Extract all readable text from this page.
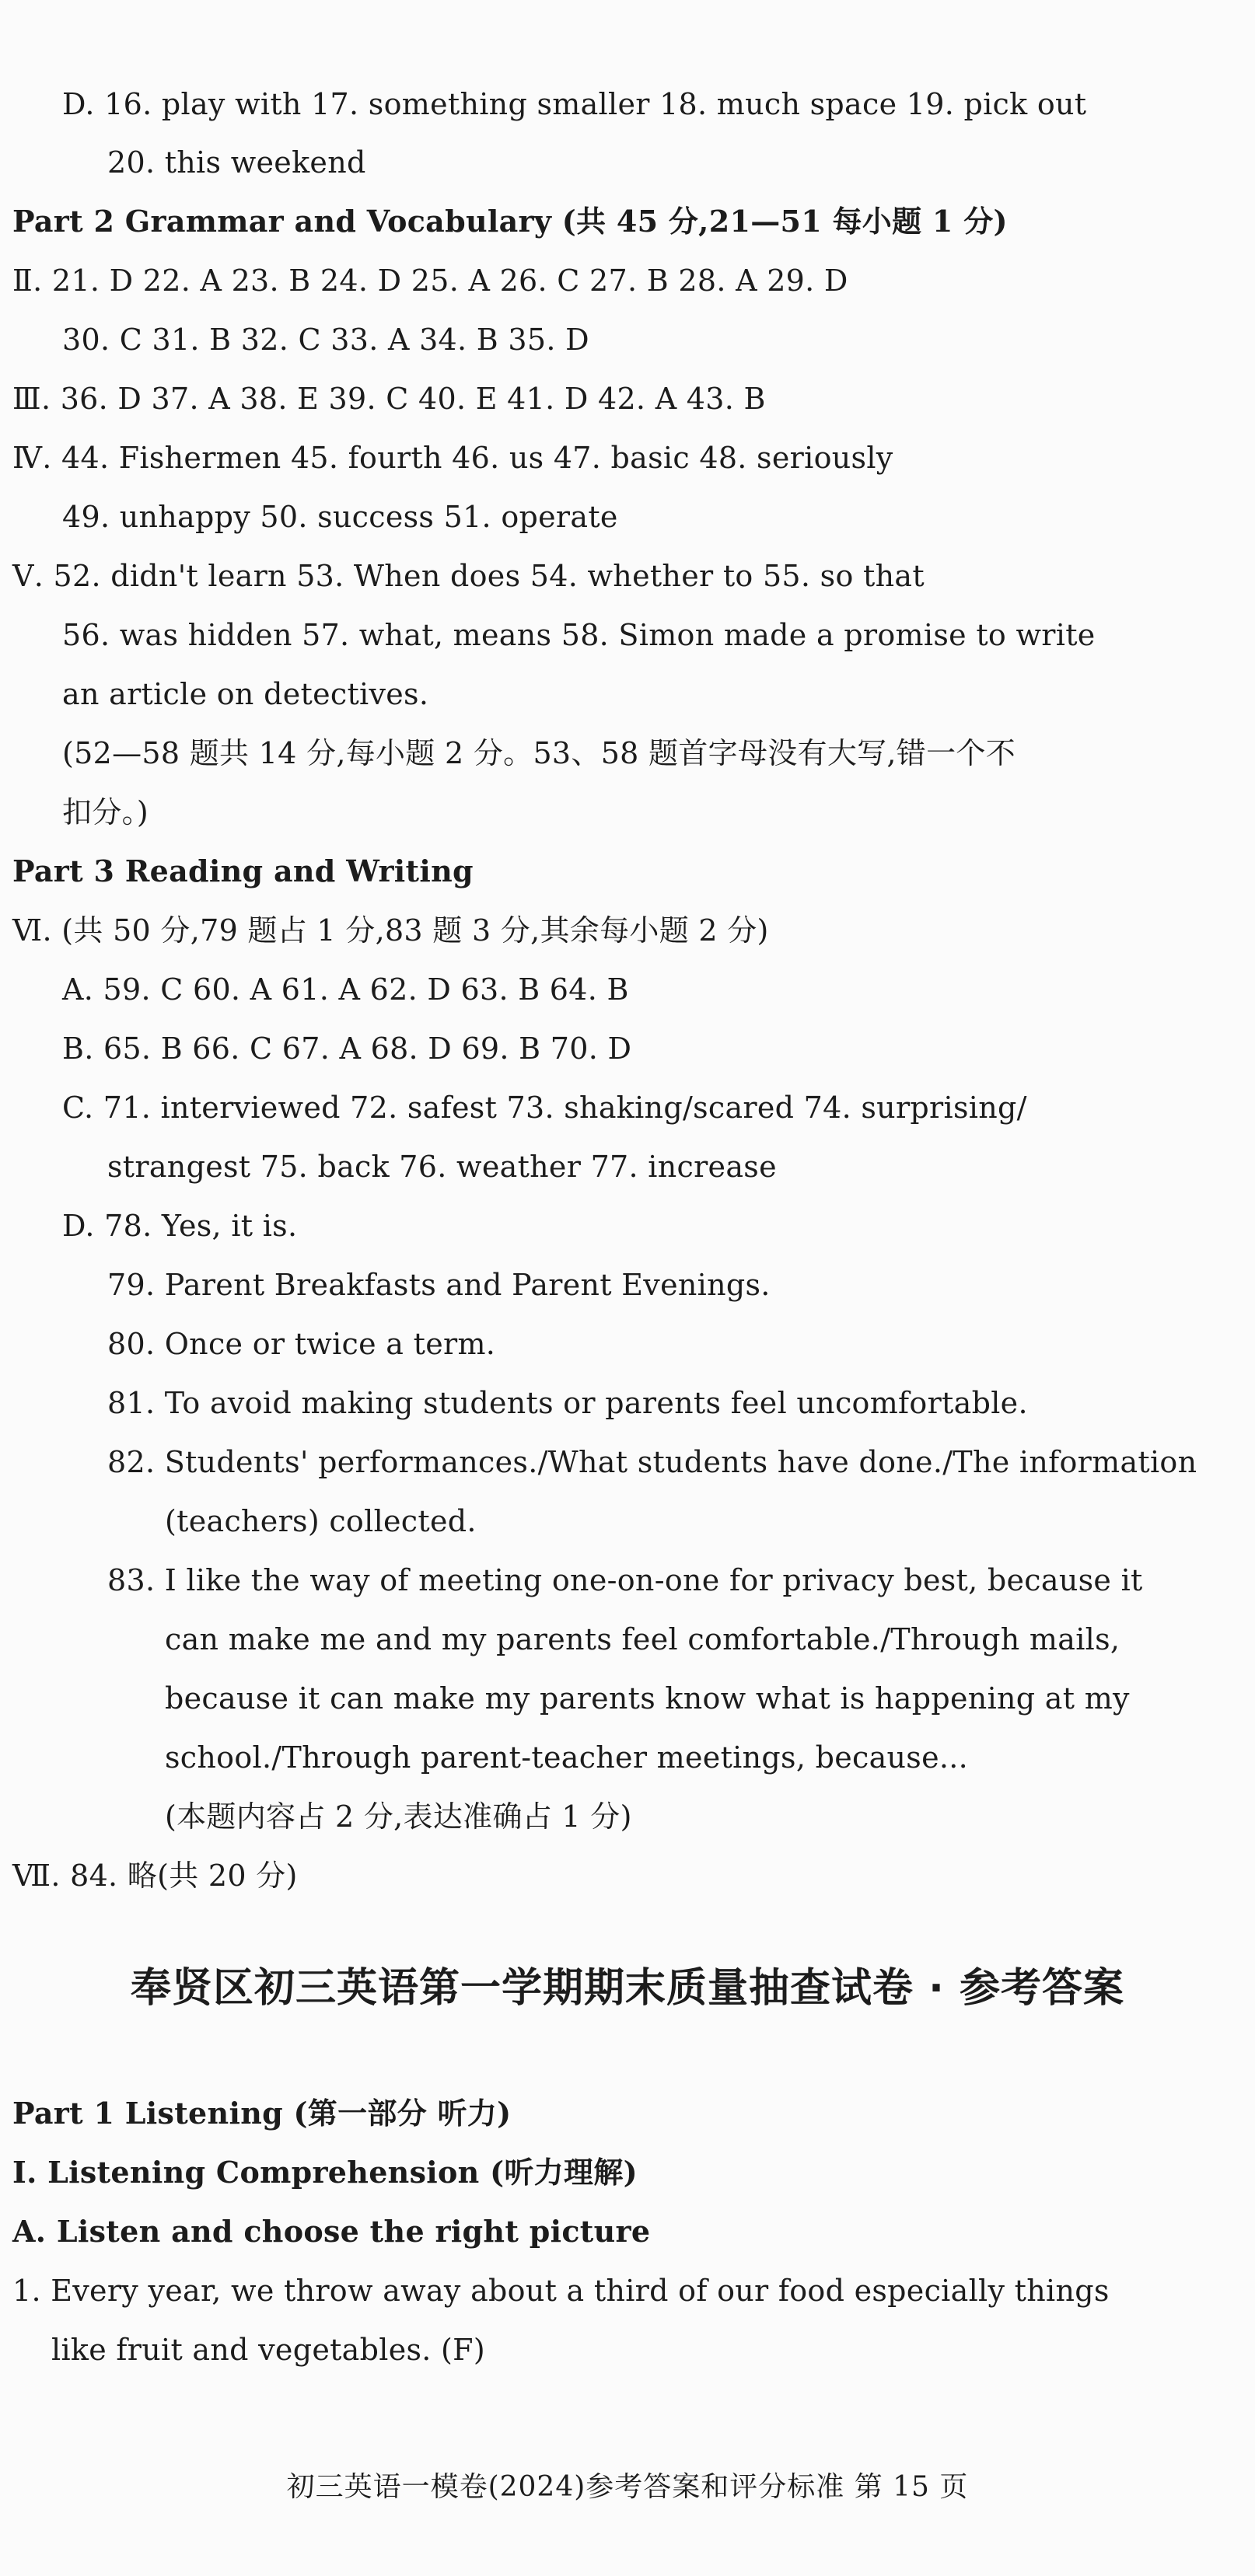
D. 16. play with 17. something smaller 18. much space 19. pick out
20. this weekend
Part 2 Grammar and Vocabulary (共 45 分,21—51 每小题 1 分)
Ⅱ. 21. D 22. A 23. B 24. D 25. A 26. C 27. B 28. A 29. D
30. C 31. B 32. C 33. A 34. B 35. D
Ⅲ. 36. D 37. A 38. E 39. C 40. E 41. D 42. A 43. B
Ⅳ. 44. Fishermen 45. fourth 46. us 47. basic 48. seriously
49. unhappy 50. success 51. operate
Ⅴ. 52. didn't learn 53. When does 54. whether to 55. so that
56. was hidden 57. what, means 58. Simon made a promise to write
an article on detectives.
(52—58 题共 14 分,每小题 2 分。53、58 题首字母没有大写,错一个不
扣分。)
Part 3 Reading and Writing
Ⅵ. (共 50 分,79 题占 1 分,83 题 3 分,其余每小题 2 分)
A. 59. C 60. A 61. A 62. D 63. B 64. B
B. 65. B 66. C 67. A 68. D 69. B 70. D
C. 71. interviewed 72. safest 73. shaking/scared 74. surprising/
strangest 75. back 76. weather 77. increase
D. 78. Yes, it is.
79. Parent Breakfasts and Parent Evenings.
80. Once or twice a term.
81. To avoid making students or parents feel uncomfortable.
82. Students' performances./What students have done./The information
(teachers) collected.
83. I like the way of meeting one-on-one for privacy best, because it
can make me and my parents feel comfortable./Through mails,
because it can make my parents know what is happening at my
school./Through parent-teacher meetings, because...
(本题内容占 2 分,表达准确占 1 分)
Ⅶ. 84. 略(共 20 分)
奉贤区初三英语第一学期期末质量抽查试卷 · 参考答案
Part 1 Listening (第一部分 听力)
Ⅰ. Listening Comprehension (听力理解)
A. Listen and choose the right picture
1. Every year, we throw away about a third of our food especially things
like fruit and vegetables. (F)
初三英语一模卷(2024)参考答案和评分标准 第 15 页
